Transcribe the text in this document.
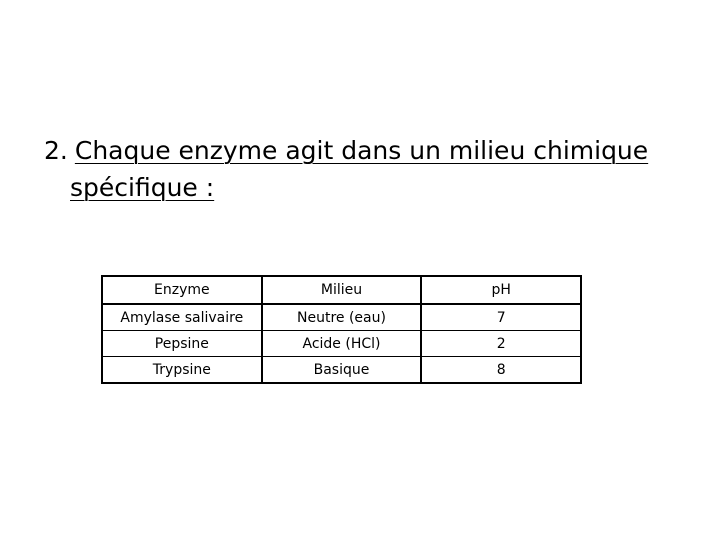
2. Chaque enzyme agit dans un milieu chimique
spécifique :
Enzyme	Milieu	pH
Amylase salivaire	Neutre (eau)	7
Pepsine	Acide (HCl)	2
Trypsine	Basique	8
